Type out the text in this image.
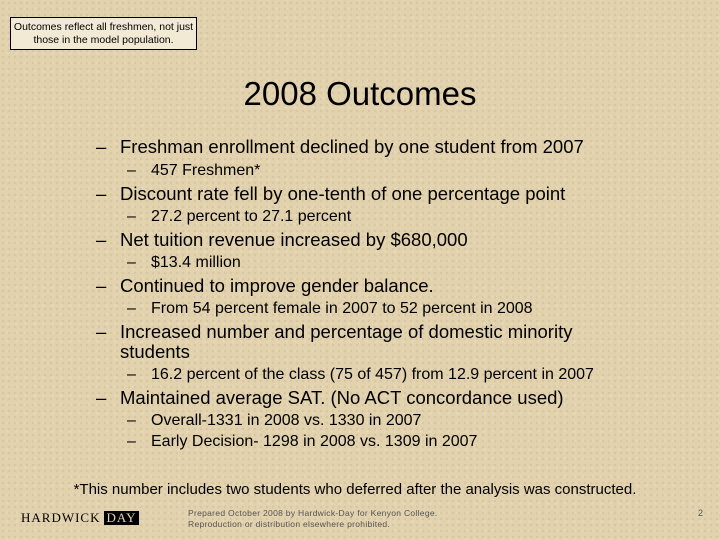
Outcomes reflect all freshmen, not just those in the model population.
2008 Outcomes
– Freshman enrollment declined by one student from 2007
– 457 Freshmen*
– Discount rate fell by one-tenth of one percentage point
– 27.2 percent to 27.1 percent
– Net tuition revenue increased by $680,000
– $13.4 million
– Continued to improve gender balance.
– From 54 percent female in 2007 to 52 percent in 2008
– Increased number and percentage of domestic minority students
– 16.2 percent of the class (75 of 457) from 12.9 percent in 2007
– Maintained average SAT. (No ACT concordance used)
– Overall-1331 in 2008 vs. 1330 in 2007
– Early Decision- 1298 in 2008 vs. 1309 in 2007
*This number includes two students who deferred after the analysis was constructed.
HARDWICK DAY	Prepared October 2008 by Hardwick-Day for Kenyon College.
Reproduction or distribution elsewhere prohibited.
2
